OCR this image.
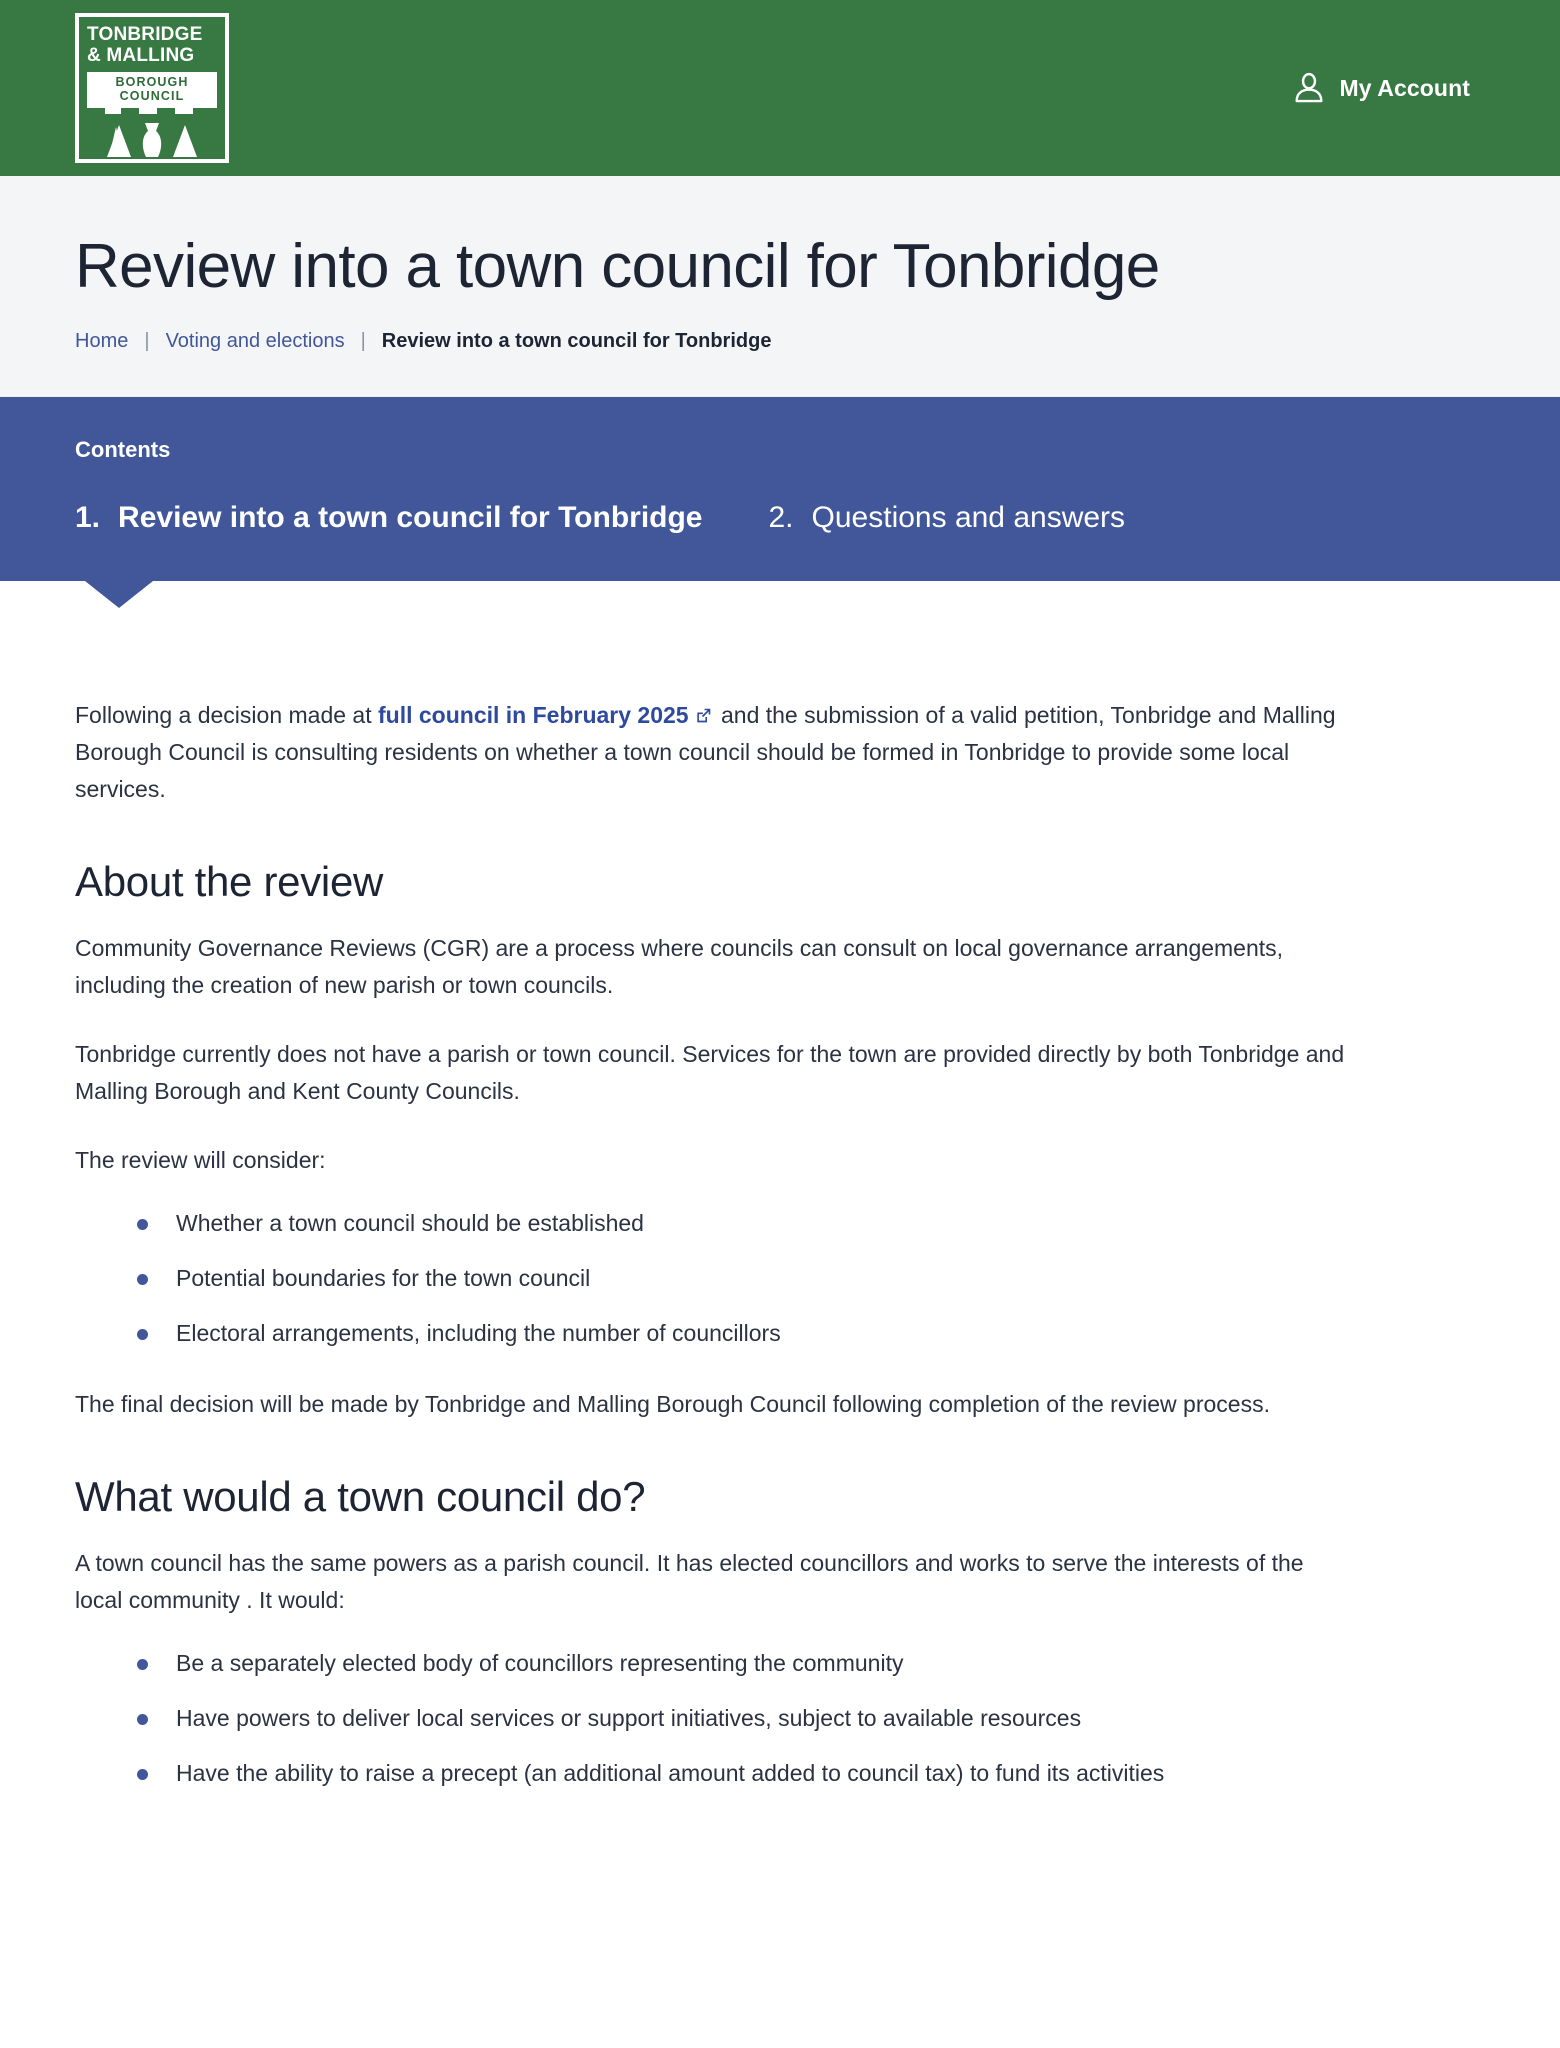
TONBRIDGE
& MALLING
BOROUGH COUNCIL	My Account
Review into a town council for Tonbridge
Home | Voting and elections | Review into a town council for Tonbridge
Contents
1. Review into a town council for Tonbridge 2. Questions and answers

Following a decision made at full council in February 2025 and the submission of a valid petition, Tonbridge and Malling Borough Council is consulting residents on whether a town council should be formed in Tonbridge to provide some local services.

About the review

Community Governance Reviews (CGR) are a process where councils can consult on local governance arrangements, including the creation of new parish or town councils.

Tonbridge currently does not have a parish or town council. Services for the town are provided directly by both Tonbridge and Malling Borough and Kent County Councils.

The review will consider:

Whether a town council should be established
Potential boundaries for the town council
Electoral arrangements, including the number of councillors

The final decision will be made by Tonbridge and Malling Borough Council following completion of the review process.

What would a town council do?

A town council has the same powers as a parish council. It has elected councillors and works to serve the interests of the local community . It would:

Be a separately elected body of councillors representing the community
Have powers to deliver local services or support initiatives, subject to available resources
Have the ability to raise a precept (an additional amount added to council tax) to fund its activities
